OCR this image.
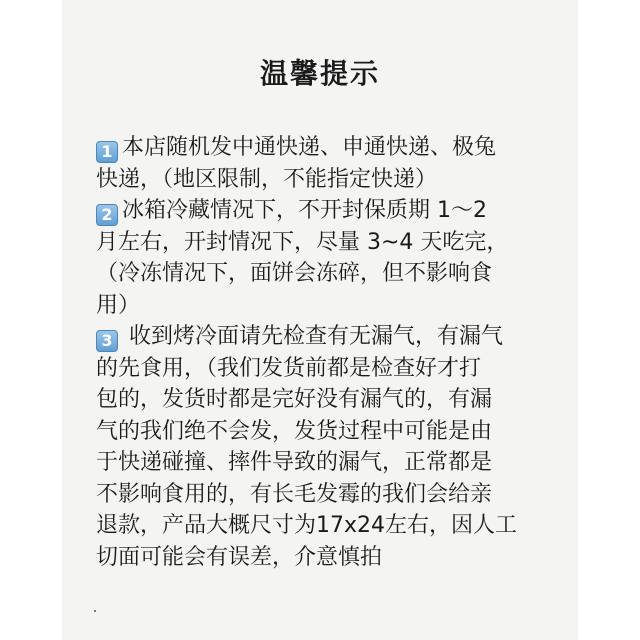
温馨提示
1 本店随机发中通快递、申通快递、极兔
快递，（地区限制，不能指定快递）
2 冰箱冷藏情况下，不开封保质期 1～2
月左右，开封情况下，尽量 3~4 天吃完，
（冷冻情况下，面饼会冻碎，但不影响食
用）
3 收到烤冷面请先检查有无漏气，有漏气
的先食用，（我们发货前都是检查好才打
包的，发货时都是完好没有漏气的，有漏
气的我们绝不会发，发货过程中可能是由
于快递碰撞、摔件导致的漏气，正常都是
不影响食用的，有长毛发霉的我们会给亲
退款，产品大概尺寸为17x24左右，因人工
切面可能会有误差，介意慎拍
